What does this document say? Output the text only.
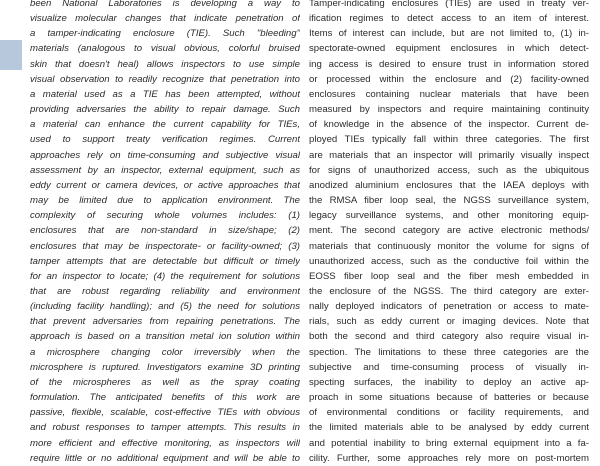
been National Laboratories is developing a way to
visualize molecular changes that indicate penetration of
a tamper-indicating enclosure (TIE). Such "bleeding"
materials (analogous to visual obvious, colorful bruised
skin that doesn't heal) allows inspectors to use simple
visual observation to readily recognize that penetration into
a material used as a TIE has been attempted, without
providing adversaries the ability to repair damage. Such
a material can enhance the current capability for TIEs,
used to support treaty verification regimes. Current
approaches rely on time-consuming and subjective visual
assessment by an inspector, external equipment, such as
eddy current or camera devices, or active approaches that
may be limited due to application environment. The
complexity of securing whole volumes includes: (1)
enclosures that are non-standard in size/shape; (2)
enclosures that may be inspectorate- or facility-owned; (3)
tamper attempts that are detectable but difficult or timely
for an inspector to locate; (4) the requirement for solutions
that are robust regarding reliability and environment
(including facility handling); and (5) the need for solutions
that prevent adversaries from repairing penetrations. The
approach is based on a transition metal ion solution within
a microsphere changing color irreversibly when the
microsphere is ruptured. Investigators examine 3D printing
of the microspheres as well as the spray coating
formulation. The anticipated benefits of this work are
passive, flexible, scalable, cost-effective TIEs with obvious
and robust responses to tamper attempts. This results in
more efficient and effective monitoring, as inspectors will
require little or no additional equipment and will be able to
Tamper-indicating enclosures (TIEs) are used in treaty ver-
ification regimes to detect access to an item of interest.
Items of interest can include, but are not limited to, (1) in-
spectorate-owned equipment enclosures in which detect-
ing access is desired to ensure trust in information stored
or processed within the enclosure and (2) facility-owned
enclosures containing nuclear materials that have been
measured by inspectors and require maintaining continuity
of knowledge in the absence of the inspector. Current de-
ployed TIEs typically fall within three categories. The first
are materials that an inspector will primarily visually inspect
for signs of unauthorized access, such as the ubiquitous
anodized aluminium enclosures that the IAEA deploys with
the RMSA fiber loop seal, the NGSS surveillance system,
legacy surveillance systems, and other monitoring equip-
ment. The second category are active electronic methods/
materials that continuously monitor the volume for signs of
unauthorized access, such as the conductive foil within the
EOSS fiber loop seal and the fiber mesh embedded in
the enclosure of the NGSS. The third category are exter-
nally deployed indicators of penetration or access to mate-
rials, such as eddy current or imaging devices. Note that
both the second and third category also require visual in-
spection. The limitations to these three categories are the
subjective and time-consuming process of visually in-
specting surfaces, the inability to deploy an active ap-
proach in some situations because of batteries or because
of environmental conditions or facility requirements, and
the limited materials able to be analysed by eddy current
and potential inability to bring external equipment into a fa-
cility. Further, some approaches rely more on post-mortem
